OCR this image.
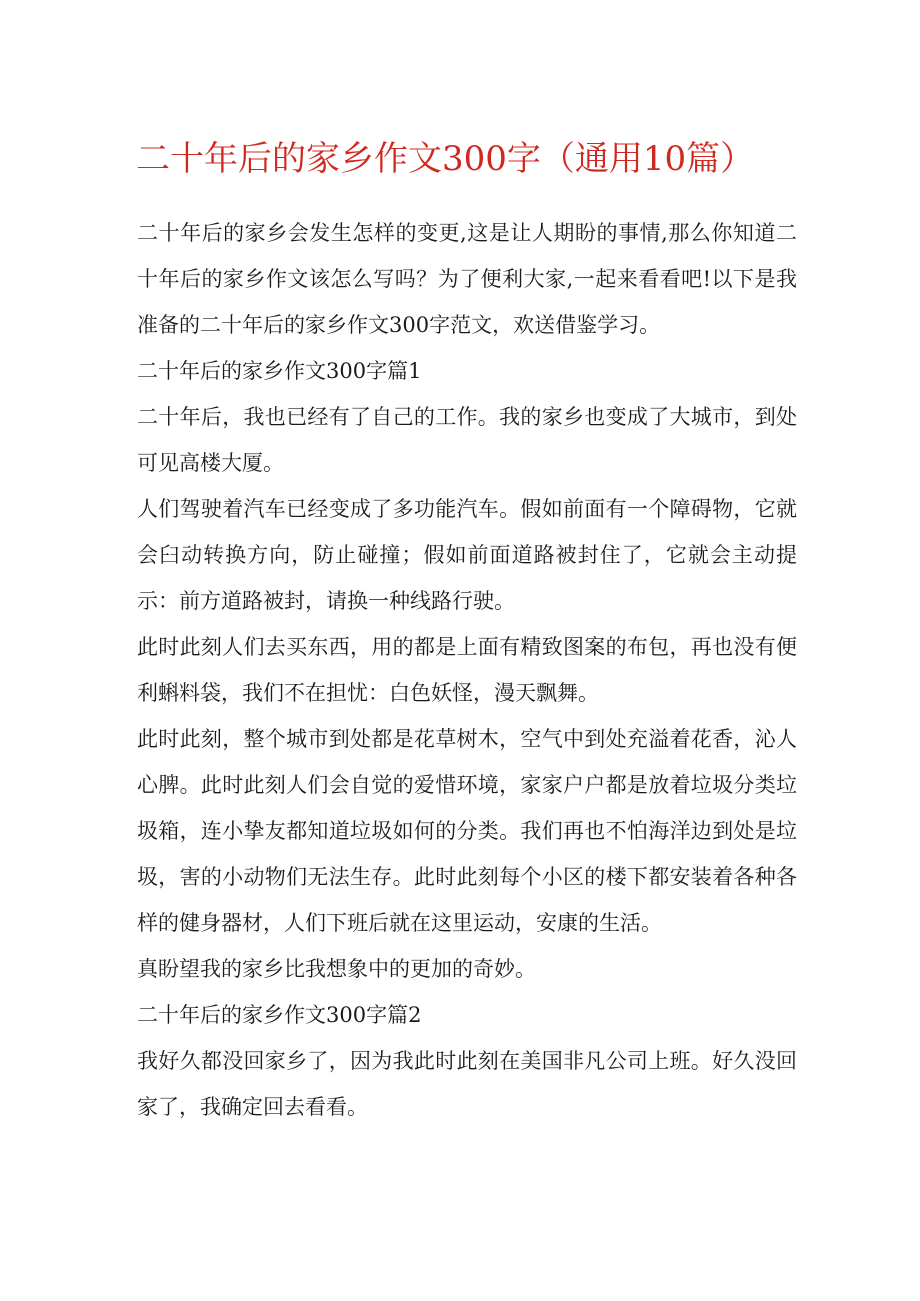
二十年后的家乡作文300字（通用10篇）

二十年后的家乡会发生怎样的变更,这是让人期盼的事情,那么你知道二十年后的家乡作文该怎么写吗？为了便利大家,一起来看看吧!以下是我准备的二十年后的家乡作文300字范文，欢送借鉴学习。

二十年后的家乡作文300字篇1

二十年后，我也已经有了自己的工作。我的家乡也变成了大城市，到处可见高楼大厦。

人们驾驶着汽车已经变成了多功能汽车。假如前面有一个障碍物，它就会臼动转换方向，防止碰撞；假如前面道路被封住了，它就会主动提示：前方道路被封，请换一种线路行驶。

此时此刻人们去买东西，用的都是上面有精致图案的布包，再也没有便利蝌料袋，我们不在担忧：白色妖怪，漫天飘舞。

此时此刻，整个城市到处都是花草树木，空气中到处充溢着花香，沁人心脾。此时此刻人们会自觉的爱惜环境，家家户户都是放着垃圾分类垃圾箱，连小挚友都知道垃圾如何的分类。我们再也不怕海洋边到处是垃圾，害的小动物们无法生存。此时此刻每个小区的楼下都安装着各种各样的健身器材，人们下班后就在这里运动，安康的生活。

真盼望我的家乡比我想象中的更加的奇妙。

二十年后的家乡作文300字篇2

我好久都没回家乡了，因为我此时此刻在美国非凡公司上班。好久没回家了，我确定回去看看。
